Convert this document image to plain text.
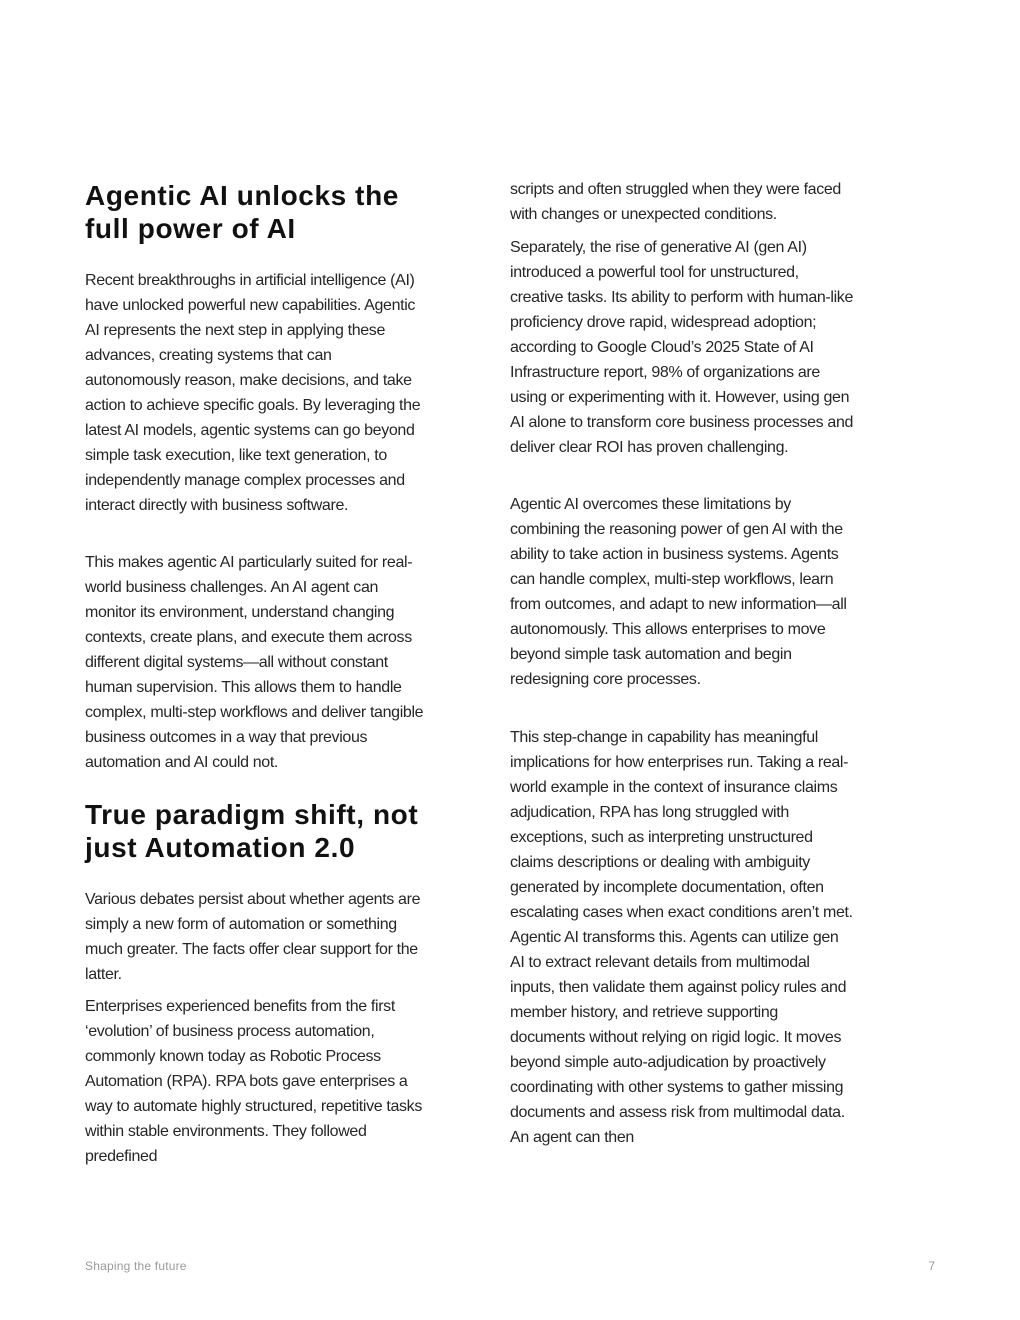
Agentic AI unlocks the full power of AI

Recent breakthroughs in artificial intelligence (AI) have unlocked powerful new capabilities. Agentic AI represents the next step in applying these advances, creating systems that can autonomously reason, make decisions, and take action to achieve specific goals. By leveraging the latest AI models, agentic systems can go beyond simple task execution, like text generation, to independently manage complex processes and interact directly with business software.

This makes agentic AI particularly suited for real-world business challenges. An AI agent can monitor its environment, understand changing contexts, create plans, and execute them across different digital systems—all without constant human supervision. This allows them to handle complex, multi-step workflows and deliver tangible business outcomes in a way that previous automation and AI could not.

True paradigm shift, not just Automation 2.0

Various debates persist about whether agents are simply a new form of automation or something much greater. The facts offer clear support for the latter.

Enterprises experienced benefits from the first ‘evolution’ of business process automation, commonly known today as Robotic Process Automation (RPA). RPA bots gave enterprises a way to automate highly structured, repetitive tasks within stable environments. They followed predefined

scripts and often struggled when they were faced with changes or unexpected conditions.

Separately, the rise of generative AI (gen AI) introduced a powerful tool for unstructured, creative tasks. Its ability to perform with human-like proficiency drove rapid, widespread adoption; according to Google Cloud’s 2025 State of AI Infrastructure report, 98% of organizations are using or experimenting with it. However, using gen AI alone to transform core business processes and deliver clear ROI has proven challenging.

Agentic AI overcomes these limitations by combining the reasoning power of gen AI with the ability to take action in business systems. Agents can handle complex, multi-step workflows, learn from outcomes, and adapt to new information—all autonomously. This allows enterprises to move beyond simple task automation and begin redesigning core processes.

This step-change in capability has meaningful implications for how enterprises run. Taking a real-world example in the context of insurance claims adjudication, RPA has long struggled with exceptions, such as interpreting unstructured claims descriptions or dealing with ambiguity generated by incomplete documentation, often escalating cases when exact conditions aren’t met. Agentic AI transforms this. Agents can utilize gen AI to extract relevant details from multimodal inputs, then validate them against policy rules and member history, and retrieve supporting documents without relying on rigid logic. It moves beyond simple auto-adjudication by proactively coordinating with other systems to gather missing documents and assess risk from multimodal data. An agent can then

Shaping the future	7
